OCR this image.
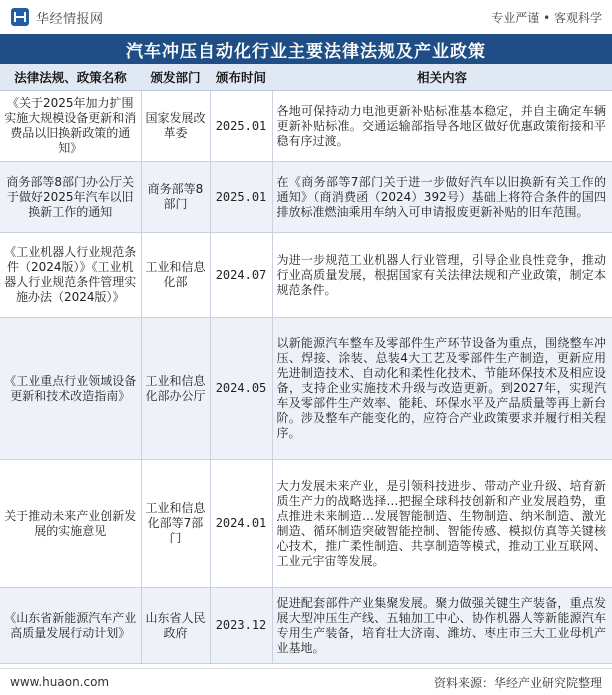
华经情报网	专业严谨 • 客观科学
汽车冲压自动化行业主要法律法规及产业政策
法律法规、政策名称	颁发部门	颁布时间	相关内容
《关于2025年加力扩围实施大规模设备更新和消费品以旧换新政策的通知》	国家发展改革委	2025.01	各地可保持动力电池更新补贴标准基本稳定，并自主确定车辆更新补贴标准。交通运输部指导各地区做好优惠政策衔接和平稳有序过渡。
商务部等8部门办公厅关于做好2025年汽车以旧换新工作的通知	商务部等8部门	2025.01	在《商务部等7部门关于进一步做好汽车以旧换新有关工作的通知》（商消费函（2024）392号）基础上将符合条件的国四排放标准燃油乘用车纳入可申请报废更新补贴的旧车范围。
《工业机器人行业规范条件（2024版）》《工业机器人行业规范条件管理实施办法（2024版）》	工业和信息化部	2024.07	为进一步规范工业机器人行业管理，引导企业良性竞争，推动行业高质量发展，根据国家有关法律法规和产业政策，制定本规范条件。
《工业重点行业领域设备更新和技术改造指南》	工业和信息化部办公厅	2024.05	以新能源汽车整车及零部件生产环节设备为重点，围绕整车冲压、焊接、涂装、总装4大工艺及零部件生产制造，更新应用先进制造技术、自动化和柔性化技术、节能环保技术及相应设备，支持企业实施技术升级与改造更新。到2027年，实现汽车及零部件生产效率、能耗、环保水平及产品质量等再上新台阶。涉及整车产能变化的，应符合产业政策要求并履行相关程序。
关于推动未来产业创新发展的实施意见	工业和信息化部等7部门	2024.01	大力发展未来产业，是引领科技进步、带动产业升级、培育新质生产力的战略选择…把握全球科技创新和产业发展趋势，重点推进未来制造…发展智能制造、生物制造、纳米制造、激光制造、循环制造突破智能控制、智能传感、模拟仿真等关键核心技术，推广柔性制造、共享制造等模式，推动工业互联网、工业元宇宙等发展。
《山东省新能源汽车产业高质量发展行动计划》	山东省人民政府	2023.12	促进配套部件产业集聚发展。聚力做强关键生产装备，重点发展大型冲压生产线、五轴加工中心、协作机器人等新能源汽车专用生产装备，培育壮大济南、潍坊、枣庄市三大工业母机产业基地。
www.huaon.com	资料来源：华经产业研究院整理
